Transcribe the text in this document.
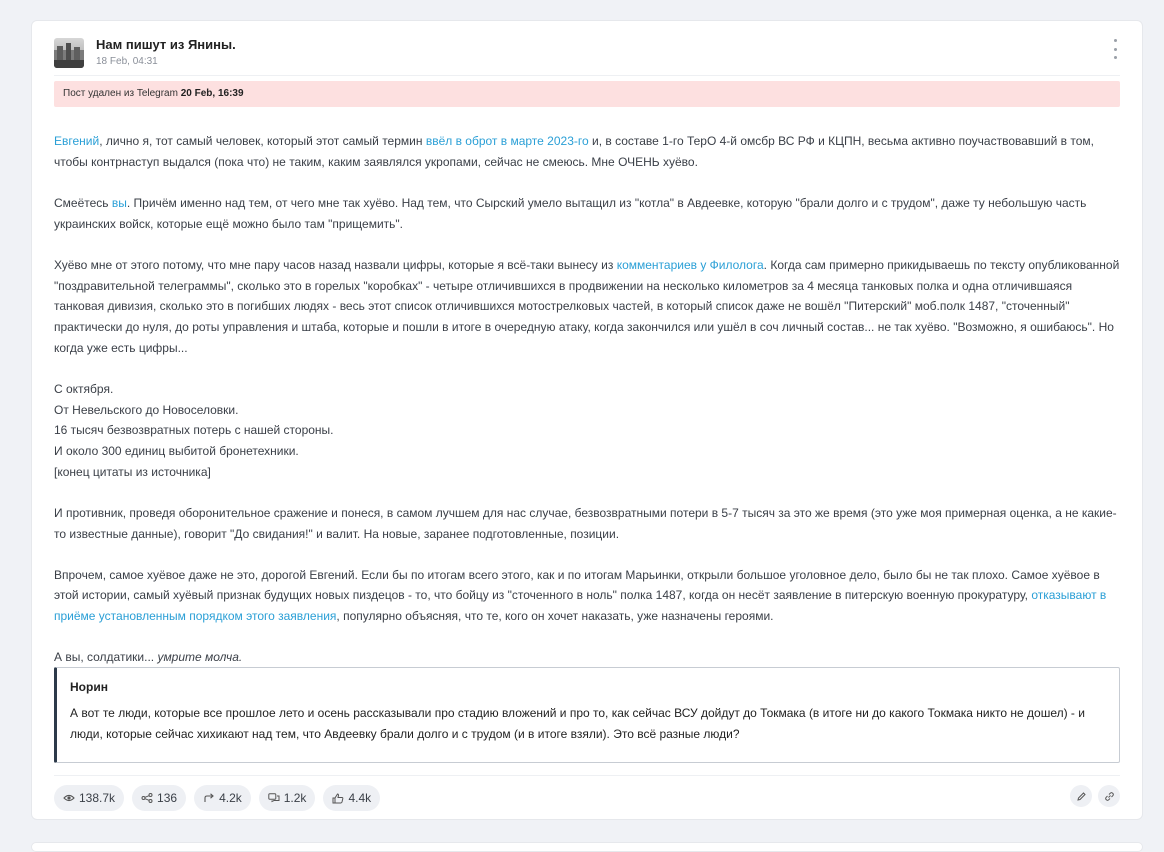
Нам пишут из Янины.
18 Feb, 04:31
Пост удален из Telegram 20 Feb, 16:39

Евгений, лично я, тот самый человек, который этот самый термин ввёл в оброт в марте 2023-го и, в составе 1-го ТерО 4-й омсбр ВС РФ и КЦПН, весьма активно поучаствовавший в том, чтобы контрнаступ выдался (пока что) не таким, каким заявлялся укропами, сейчас не смеюсь. Мне ОЧЕНЬ хуёво.

Смеётесь вы. Причём именно над тем, от чего мне так хуёво. Над тем, что Сырский умело вытащил из "котла" в Авдеевке, которую "брали долго и с трудом", даже ту небольшую часть украинских войск, которые ещё можно было там "прищемить".

Хуёво мне от этого потому, что мне пару часов назад назвали цифры, которые я всё-таки вынесу из комментариев у Филолога. Когда сам примерно прикидываешь по тексту опубликованной "поздравительной телеграммы", сколько это в горелых "коробках" - четыре отличившихся в продвижении на несколько километров за 4 месяца танковых полка и одна отличившаяся танковая дивизия, сколько это в погибших людях - весь этот список отличившихся мотострелковых частей, в который список даже не вошёл "Питерский" моб.полк 1487, "сточенный" практически до нуля, до роты управления и штаба, которые и пошли в итоге в очередную атаку, когда закончился или ушёл в соч личный состав... не так хуёво. "Возможно, я ошибаюсь". Но когда уже есть цифры...

С октября.
От Невельского до Новоселовки.
16 тысяч безвозвратных потерь с нашей стороны.
И около 300 единиц выбитой бронетехники.
[конец цитаты из источника]

И противник, проведя оборонительное сражение и понеся, в самом лучшем для нас случае, безвозвратными потери в 5-7 тысяч за это же время (это уже моя примерная оценка, а не какие-то известные данные), говорит "До свидания!" и валит. На новые, заранее подготовленные, позиции.

Впрочем, самое хуёвое даже не это, дорогой Евгений. Если бы по итогам всего этого, как и по итогам Марьинки, открыли большое уголовное дело, было бы не так плохо. Самое хуёвое в этой истории, самый хуёвый признак будущих новых пиздецов - то, что бойцу из "сточенного в ноль" полка 1487, когда он несёт заявление в питерскую военную прокуратуру, отказывают в приёме установленным порядком этого заявления, популярно объясняя, что те, кого он хочет наказать, уже назначены героями.

А вы, солдатики... умрите молча.

Норин
А вот те люди, которые все прошлое лето и осень рассказывали про стадию вложений и про то, как сейчас ВСУ дойдут до Токмака (в итоге ни до какого Токмака никто не дошел) - и люди, которые сейчас хихикают над тем, что Авдеевку брали долго и с трудом (и в итоге взяли). Это всё разные люди?
138.7k	136	4.2k	1.2k	4.4k
